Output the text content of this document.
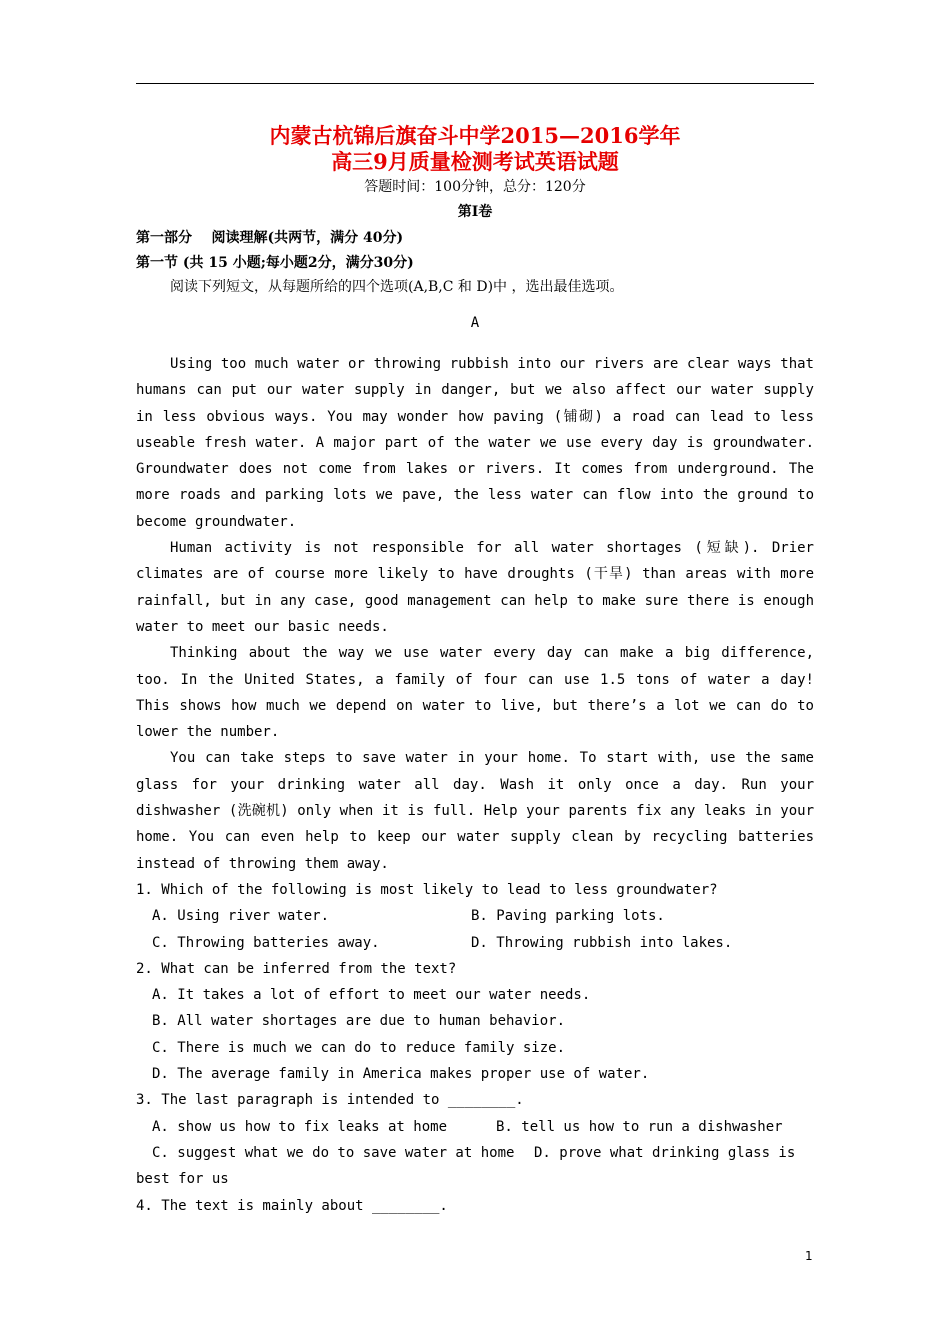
内蒙古杭锦后旗奋斗中学2015—2016学年
高三9月质量检测考试英语试题
答题时间：100分钟，总分：120分
第Ⅰ卷
第一部分    阅读理解(共两节，满分 40分)
第一节 (共 15 小题;每小题2分，满分30分)
阅读下列短文，从每题所给的四个选项(A,B,C 和 D)中 ，选出最佳选项。
A

Using too much water or throwing rubbish into our rivers are clear ways that humans can put our water supply in danger, but we also affect our water supply in less obvious ways. You may wonder how paving (铺砌) a road can lead to less useable fresh water. A major part of the water we use every day is groundwater. Groundwater does not come from lakes or rivers. It comes from underground. The more roads and parking lots we pave, the less water can flow into the ground to become groundwater.

Human activity is not responsible for all water shortages (短缺). Drier climates are of course more likely to have droughts (干旱) than areas with more rainfall, but in any case, good management can help to make sure there is enough water to meet our basic needs.

Thinking about the way we use water every day can make a big difference, too. In the United States, a family of four can use 1.5 tons of water a day! This shows how much we depend on water to live, but there’s a lot we can do to lower the number.

You can take steps to save water in your home. To start with, use the same glass for your drinking water all day. Wash it only once a day. Run your dishwasher (洗碗机) only when it is full. Help your parents fix any leaks in your home. You can even help to keep our water supply clean by recycling batteries instead of throwing them away.

1. Which of the following is most likely to lead to less groundwater?
A. Using river water.	B. Paving parking lots.
C. Throwing batteries away.	D. Throwing rubbish into lakes.
2. What can be inferred from the text?
A. It takes a lot of effort to meet our water needs.
B. All water shortages are due to human behavior.
C. There is much we can do to reduce family size.
D. The average family in America makes proper use of water.
3. The last paragraph is intended to ________.
A. show us how to fix leaks at home	B. tell us how to run a dishwasher
C. suggest what we do to save water at home	D. prove what drinking glass is
best for us
4. The text is mainly about ________.
1
